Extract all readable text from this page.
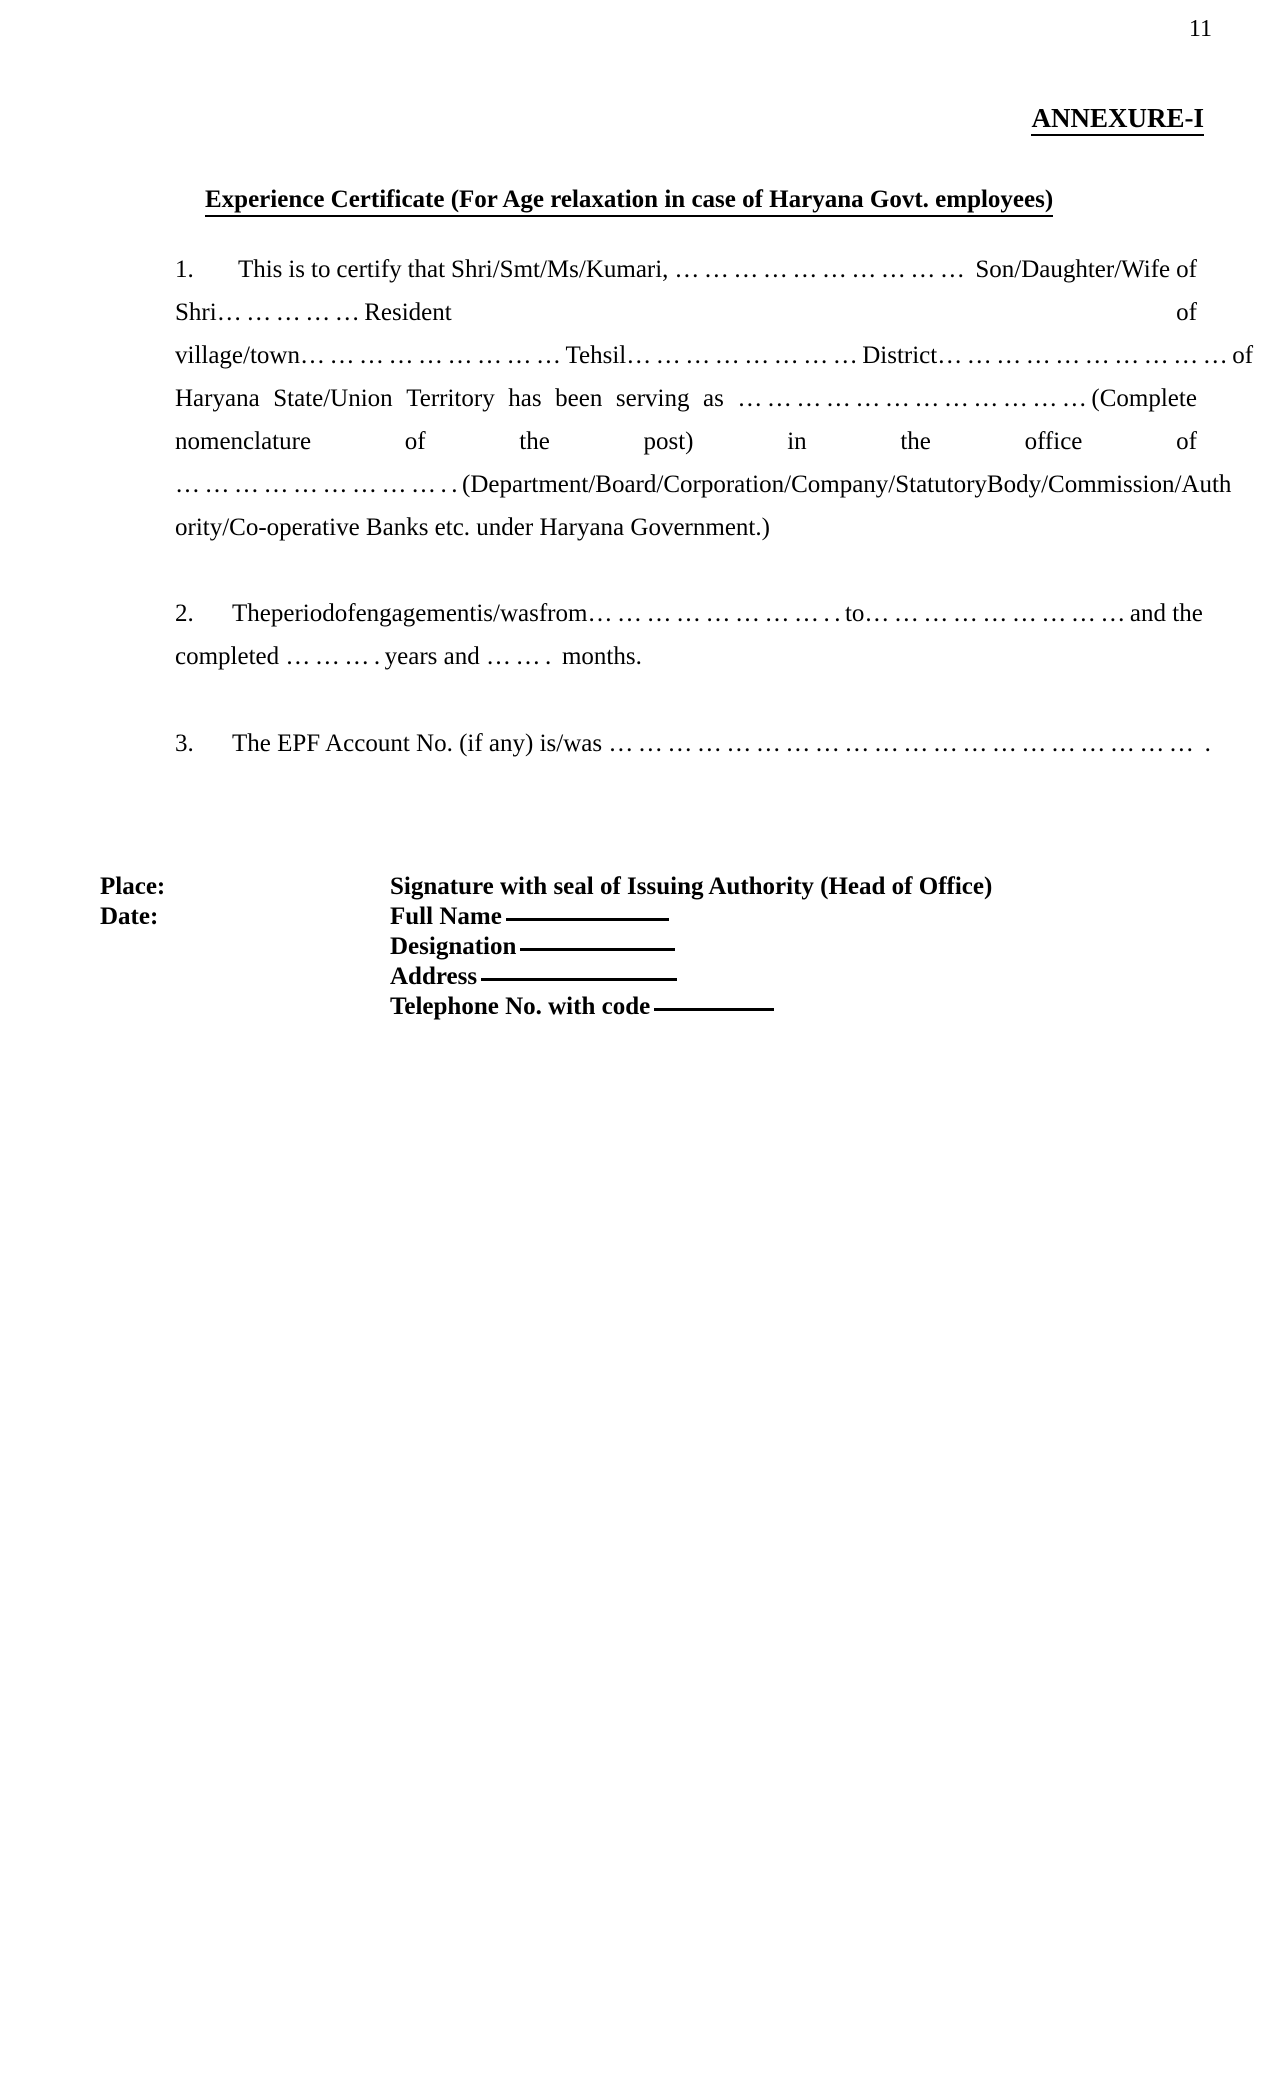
11
ANNEXURE-I
Experience Certificate (For Age relaxation in case of Haryana Govt. employees)
1.	This is to certify that Shri/Smt/Ms/Kumari, ………………………… Son/Daughter/Wife of
Shri……………Resident	of
village/town………………………Tehsil……………………District………………………… of
Haryana State/Union Territory has been serving as ………………………………(Complete
nomenclature	of	the	post)	in	the	office	of
……………………….. (Department/Board/Corporation/Company/StatutoryBody/Commission/Auth
ority/Co-operative Banks etc. under Haryana Government.)
2.	The period of engagement is/was from ……………………..to………………………and the
completed ………. years and ……. months.
3.	The EPF Account No. (if any) is/was …………………………………………………… .
Place:	Signature with seal of Issuing Authority (Head of Office)
Date:	Full Name
Designation
Address
Telephone No. with code
